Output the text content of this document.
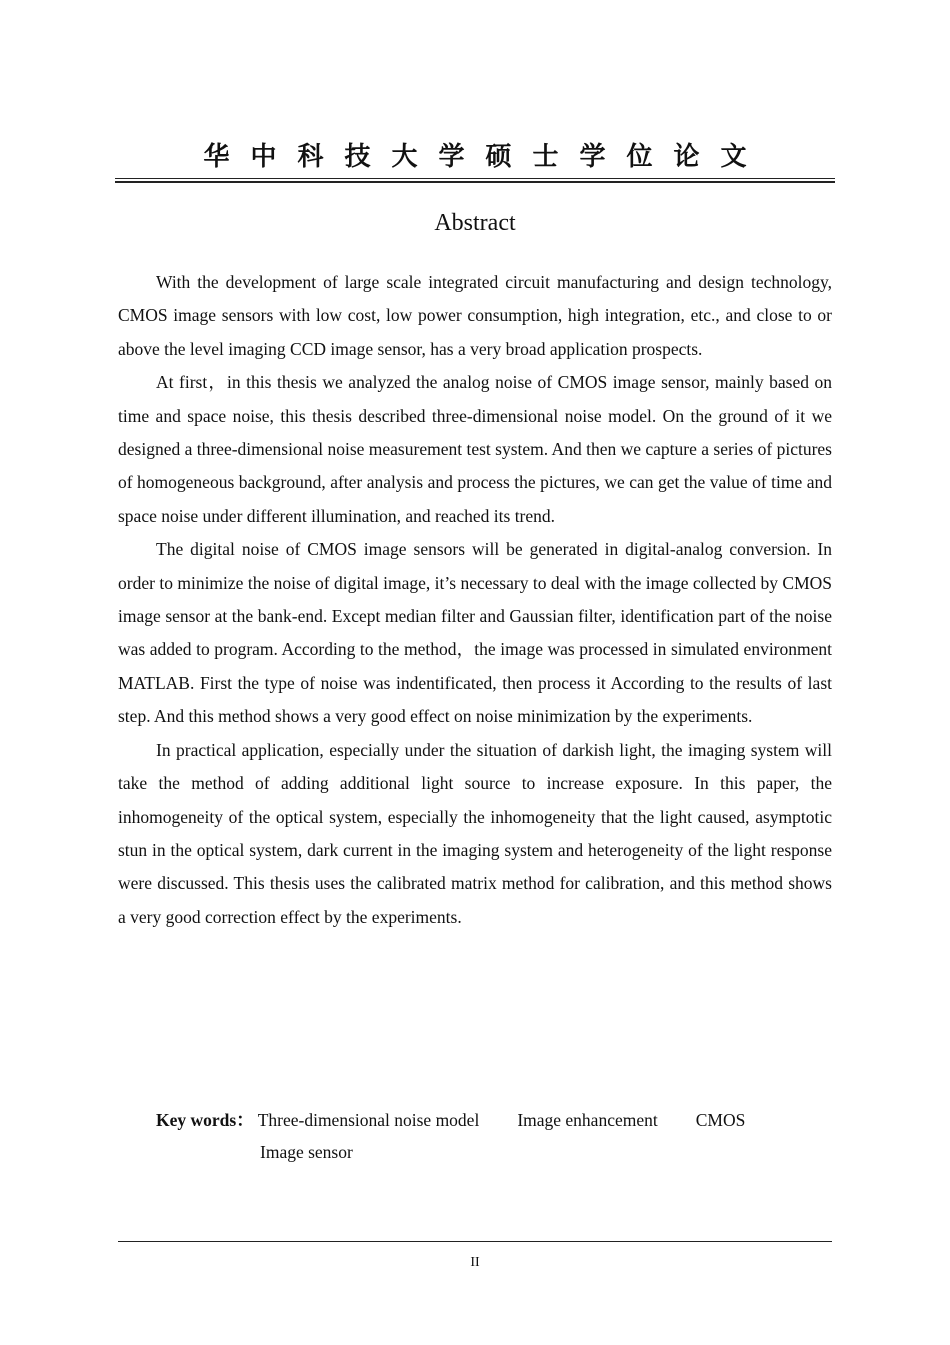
华中科技大学硕士学位论文
Abstract

With the development of large scale integrated circuit manufacturing and design technology, CMOS image sensors with low cost, low power consumption, high integration, etc., and close to or above the level imaging CCD image sensor, has a very broad application prospects.

At first，in this thesis we analyzed the analog noise of CMOS image sensor, mainly based on time and space noise, this thesis described three-dimensional noise model. On the ground of it we designed a three-dimensional noise measurement test system. And then we capture a series of pictures of homogeneous background, after analysis and process the pictures, we can get the value of time and space noise under different illumination, and reached its trend.

The digital noise of CMOS image sensors will be generated in digital-analog conversion. In order to minimize the noise of digital image, it’s necessary to deal with the image collected by CMOS image sensor at the bank-end. Except median filter and Gaussian filter, identification part of the noise was added to program. According to the method，the image was processed in simulated environment MATLAB. First the type of noise was indentificated, then process it According to the results of last step. And this method shows a very good effect on noise minimization by the experiments.

In practical application, especially under the situation of darkish light, the imaging system will take the method of adding additional light source to increase exposure. In this paper, the inhomogeneity of the optical system, especially the inhomogeneity that the light caused, asymptotic stun in the optical system, dark current in the imaging system and heterogeneity of the light response were discussed. This thesis uses the calibrated matrix method for calibration, and this method shows a very good correction effect by the experiments.

Key words： Three-dimensional noise model Image enhancement CMOS
Image sensor
II
